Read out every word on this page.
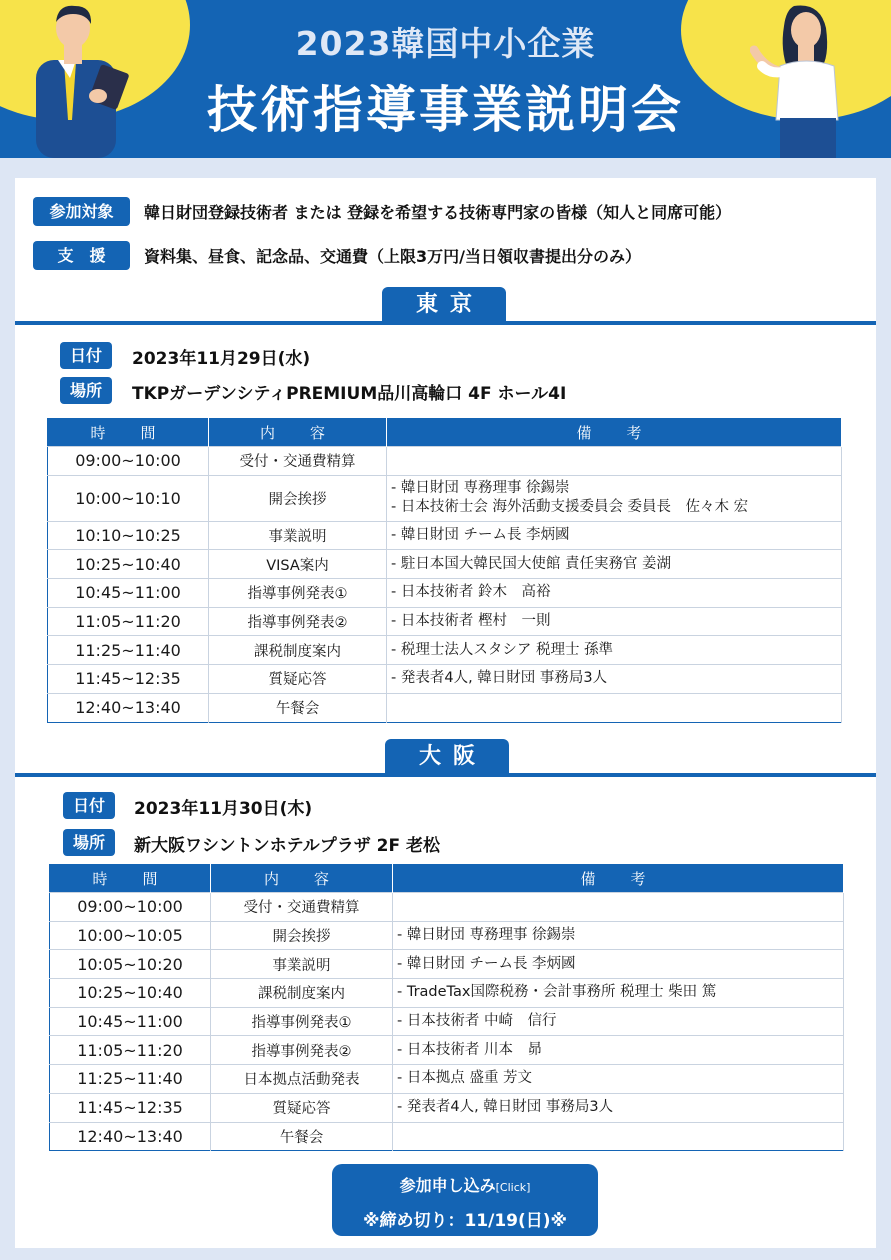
2023韓国中小企業
技術指導事業説明会
参加対象	韓日財団登録技術者 または 登録を希望する技術専門家の皆様（知人と同席可能）
支　援	資料集、昼食、記念品、交通費（上限3万円/当日領収書提出分のみ）
東京
日付	2023年11月29日(水)
場所	TKPガーデンシティPREMIUM品川高輪口 4F ホール4I
時　間	内　容	備　考
09:00~10:00	受付・交通費精算	
10:00~10:10	開会挨拶	- 韓日財団 専務理事 徐錫崇
- 日本技術士会 海外活動支援委員会 委員長　佐々木 宏

10:10~10:25	事業説明	- 韓日財団 チーム長 李炳國

10:25~10:40	VISA案内	- 駐日本国大韓民国大使館 責任実務官 姜湖

10:45~11:00	指導事例発表①	- 日本技術者 鈴木　高裕

11:05~11:20	指導事例発表②	- 日本技術者 樫村　一則

11:25~11:40	課税制度案内	- 税理士法人スタシア 税理士 孫準

11:45~12:35	質疑応答	- 発表者4人, 韓日財団 事務局3人

12:40~13:40	午餐会	
大阪
日付	2023年11月30日(木)
場所	新大阪ワシントンホテルプラザ 2F 老松
時　間	内　容	備　考
09:00~10:00	受付・交通費精算	
10:00~10:05	開会挨拶	- 韓日財団 専務理事 徐錫崇

10:05~10:20	事業説明	- 韓日財団 チーム長 李炳國

10:25~10:40	課税制度案内	- TradeTax国際税務・会計事務所 税理士 柴田 篤

10:45~11:00	指導事例発表①	- 日本技術者 中崎　信行

11:05~11:20	指導事例発表②	- 日本技術者 川本　昴

11:25~11:40	日本拠点活動発表	- 日本拠点 盛重 芳文

11:45~12:35	質疑応答	- 発表者4人, 韓日財団 事務局3人

12:40~13:40	午餐会	
参加申し込み[Click]
※締め切り：11/19(日)※
